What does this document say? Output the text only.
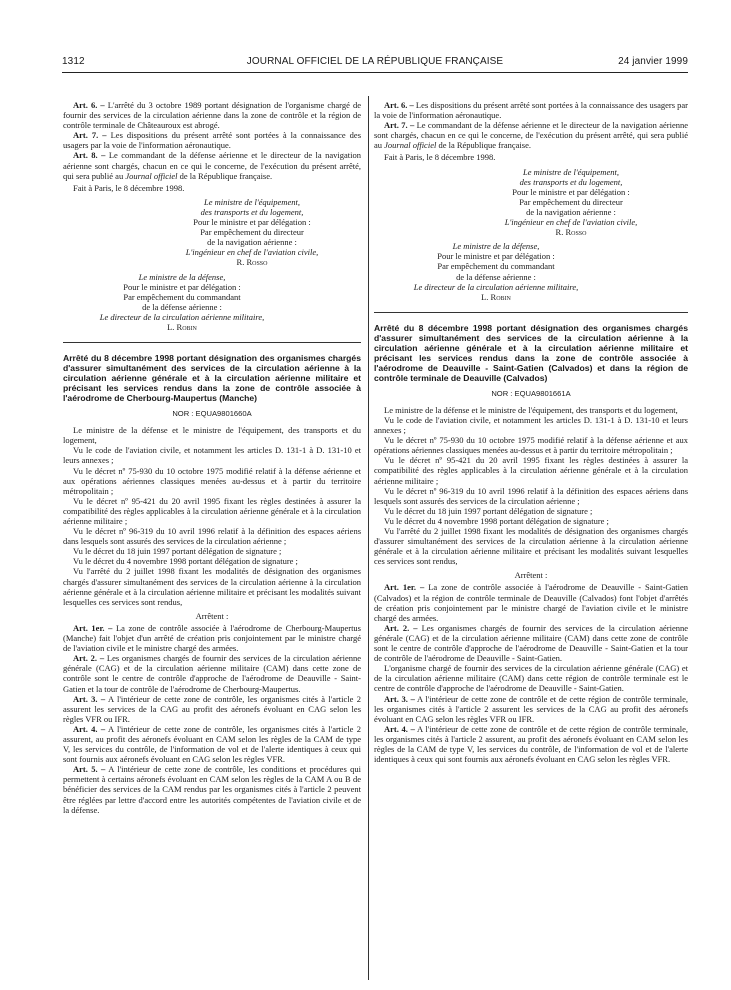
1312	JOURNAL OFFICIEL DE LA RÉPUBLIQUE FRANÇAISE	24 janvier 1999

Art. 6. – L'arrêté du 3 octobre 1989 portant désignation de l'organisme chargé de fournir des services de la circulation aérienne dans la zone de contrôle et la région de contrôle terminale de Châteauroux est abrogé.

Art. 7. – Les dispositions du présent arrêté sont portées à la connaissance des usagers par la voie de l'information aéronautique.

Art. 8. – Le commandant de la défense aérienne et le directeur de la navigation aérienne sont chargés, chacun en ce qui le concerne, de l'exécution du présent arrêté, qui sera publié au Journal officiel de la République française.

Fait à Paris, le 8 décembre 1998.

Le ministre de l'équipement,

des transports et du logement,

Pour le ministre et par délégation :

Par empêchement du directeur

de la navigation aérienne :

L'ingénieur en chef de l'aviation civile,

R. Rosso

Le ministre de la défense,

Pour le ministre et par délégation :

Par empêchement du commandant

de la défense aérienne :

Le directeur de la circulation aérienne militaire,

L. Robin

Arrêté du 8 décembre 1998 portant désignation des organismes chargés d'assurer simultanément des services de la circulation aérienne à la circulation aérienne générale et à la circulation aérienne militaire et précisant les services rendus dans la zone de contrôle associée à l'aérodrome de Cherbourg-Maupertus (Manche)

NOR : EQUA9801660A

Le ministre de la défense et le ministre de l'équipement, des transports et du logement,

Vu le code de l'aviation civile, et notamment les articles D. 131-1 à D. 131-10 et leurs annexes ;

Vu le décret nº 75-930 du 10 octobre 1975 modifié relatif à la défense aérienne et aux opérations aériennes classiques menées au-dessus et à partir du territoire métropolitain ;

Vu le décret nº 95-421 du 20 avril 1995 fixant les règles destinées à assurer la compatibilité des règles applicables à la circulation aérienne générale et à la circulation aérienne militaire ;

Vu le décret nº 96-319 du 10 avril 1996 relatif à la définition des espaces aériens dans lesquels sont assurés des services de la circulation aérienne ;

Vu le décret du 18 juin 1997 portant délégation de signature ;

Vu le décret du 4 novembre 1998 portant délégation de signature ;

Vu l'arrêté du 2 juillet 1998 fixant les modalités de désignation des organismes chargés d'assurer simultanément des services de la circulation aérienne à la circulation aérienne générale et à la circulation aérienne militaire et précisant les modalités suivant lesquelles ces services sont rendus,

Arrêtent :

Art. 1er. – La zone de contrôle associée à l'aérodrome de Cherbourg-Maupertus (Manche) fait l'objet d'un arrêté de création pris conjointement par le ministre chargé de l'aviation civile et le ministre chargé des armées.

Art. 2. – Les organismes chargés de fournir des services de la circulation aérienne générale (CAG) et de la circulation aérienne militaire (CAM) dans cette zone de contrôle sont le centre de contrôle d'approche de l'aérodrome de Deauville - Saint-Gatien et la tour de contrôle de l'aérodrome de Cherbourg-Maupertus.

Art. 3. – A l'intérieur de cette zone de contrôle, les organismes cités à l'article 2 assurent les services de la CAG au profit des aéronefs évoluant en CAG selon les règles VFR ou IFR.

Art. 4. – A l'intérieur de cette zone de contrôle, les organismes cités à l'article 2 assurent, au profit des aéronefs évoluant en CAM selon les règles de la CAM de type V, les services du contrôle, de l'information de vol et de l'alerte identiques à ceux qui sont fournis aux aéronefs évoluant en CAG selon les règles VFR.

Art. 5. – A l'intérieur de cette zone de contrôle, les conditions et procédures qui permettent à certains aéronefs évoluant en CAM selon les règles de la CAM A ou B de bénéficier des services de la CAM rendus par les organismes cités à l'article 2 peuvent être réglées par lettre d'accord entre les autorités compétentes de l'aviation civile et de la défense.

Art. 6. – Les dispositions du présent arrêté sont portées à la connaissance des usagers par la voie de l'information aéronautique.

Art. 7. – Le commandant de la défense aérienne et le directeur de la navigation aérienne sont chargés, chacun en ce qui le concerne, de l'exécution du présent arrêté, qui sera publié au Journal officiel de la République française.

Fait à Paris, le 8 décembre 1998.

Le ministre de l'équipement,

des transports et du logement,

Pour le ministre et par délégation :

Par empêchement du directeur

de la navigation aérienne :

L'ingénieur en chef de l'aviation civile,

R. Rosso

Le ministre de la défense,

Pour le ministre et par délégation :

Par empêchement du commandant

de la défense aérienne :

Le directeur de la circulation aérienne militaire,

L. Robin

Arrêté du 8 décembre 1998 portant désignation des organismes chargés d'assurer simultanément des services de la circulation aérienne à la circulation aérienne générale et à la circulation aérienne militaire et précisant les services rendus dans la zone de contrôle associée à l'aérodrome de Deauville - Saint-Gatien (Calvados) et dans la région de contrôle terminale de Deauville (Calvados)

NOR : EQUA9801661A

Le ministre de la défense et le ministre de l'équipement, des transports et du logement,

Vu le code de l'aviation civile, et notamment les articles D. 131-1 à D. 131-10 et leurs annexes ;

Vu le décret nº 75-930 du 10 octobre 1975 modifié relatif à la défense aérienne et aux opérations aériennes classiques menées au-dessus et à partir du territoire métropolitain ;

Vu le décret nº 95-421 du 20 avril 1995 fixant les règles destinées à assurer la compatibilité des règles applicables à la circulation aérienne générale et à la circulation aérienne militaire ;

Vu le décret nº 96-319 du 10 avril 1996 relatif à la définition des espaces aériens dans lesquels sont assurés des services de la circulation aérienne ;

Vu le décret du 18 juin 1997 portant délégation de signature ;

Vu le décret du 4 novembre 1998 portant délégation de signature ;

Vu l'arrêté du 2 juillet 1998 fixant les modalités de désignation des organismes chargés d'assurer simultanément des services de la circulation aérienne à la circulation aérienne générale et à la circulation aérienne militaire et précisant les modalités suivant lesquelles ces services sont rendus,

Arrêtent :

Art. 1er. – La zone de contrôle associée à l'aérodrome de Deauville - Saint-Gatien (Calvados) et la région de contrôle terminale de Deauville (Calvados) font l'objet d'arrêtés de création pris conjointement par le ministre chargé de l'aviation civile et le ministre chargé des armées.

Art. 2. – Les organismes chargés de fournir des services de la circulation aérienne générale (CAG) et de la circulation aérienne militaire (CAM) dans cette zone de contrôle sont le centre de contrôle d'approche de l'aérodrome de Deauville - Saint-Gatien et la tour de contrôle de l'aérodrome de Deauville - Saint-Gatien.

L'organisme chargé de fournir des services de la circulation aérienne générale (CAG) et de la circulation aérienne militaire (CAM) dans cette région de contrôle terminale est le centre de contrôle d'approche de l'aérodrome de Deauville - Saint-Gatien.

Art. 3. – A l'intérieur de cette zone de contrôle et de cette région de contrôle terminale, les organismes cités à l'article 2 assurent les services de la CAG au profit des aéronefs évoluant en CAG selon les règles VFR ou IFR.

Art. 4. – A l'intérieur de cette zone de contrôle et de cette région de contrôle terminale, les organismes cités à l'article 2 assurent, au profit des aéronefs évoluant en CAM selon les règles de la CAM de type V, les services du contrôle, de l'information de vol et de l'alerte identiques à ceux qui sont fournis aux aéronefs évoluant en CAG selon les règles VFR.
